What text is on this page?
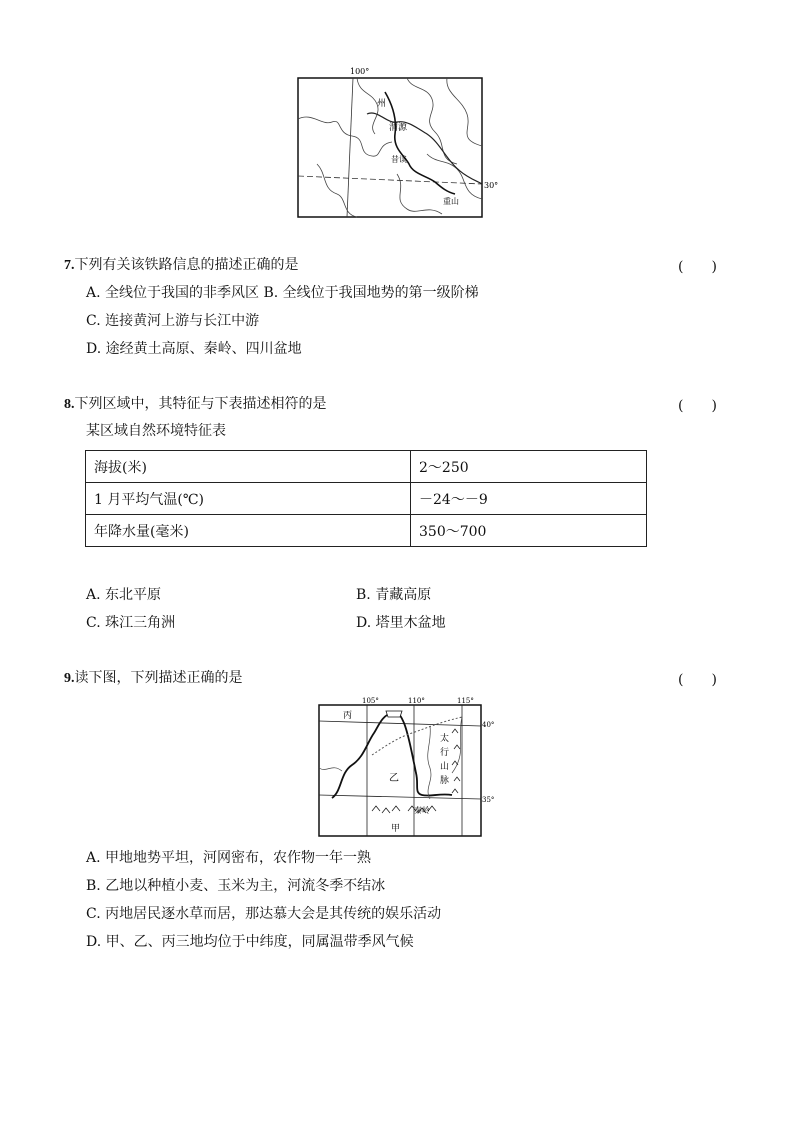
100°
30°
州
渭源
昔谈
重山
7.下列有关该铁路信息的描述正确的是	(　　)
A. 全线位于我国的非季风区 B. 全线位于我国地势的第一级阶梯
C. 连接黄河上游与长江中游
D. 途经黄土高原、秦岭、四川盆地
8.下列区域中，其特征与下表描述相符的是	(　　)
某区域自然环境特征表
海拔(米)	2～250
1 月平均气温(℃)	－24～－9
年降水量(毫米)	350～700
A. 东北平原	B. 青藏高原
C. 珠江三角洲	D. 塔里木盆地
9.读下图，下列描述正确的是	(　　)
105°	110°	115°
40°
35°
丙
乙
甲
秦岭
太
行
山
脉
A. 甲地地势平坦，河网密布，农作物一年一熟
B. 乙地以种植小麦、玉米为主，河流冬季不结冰
C. 丙地居民逐水草而居，那达慕大会是其传统的娱乐活动
D. 甲、乙、丙三地均位于中纬度，同属温带季风气候
